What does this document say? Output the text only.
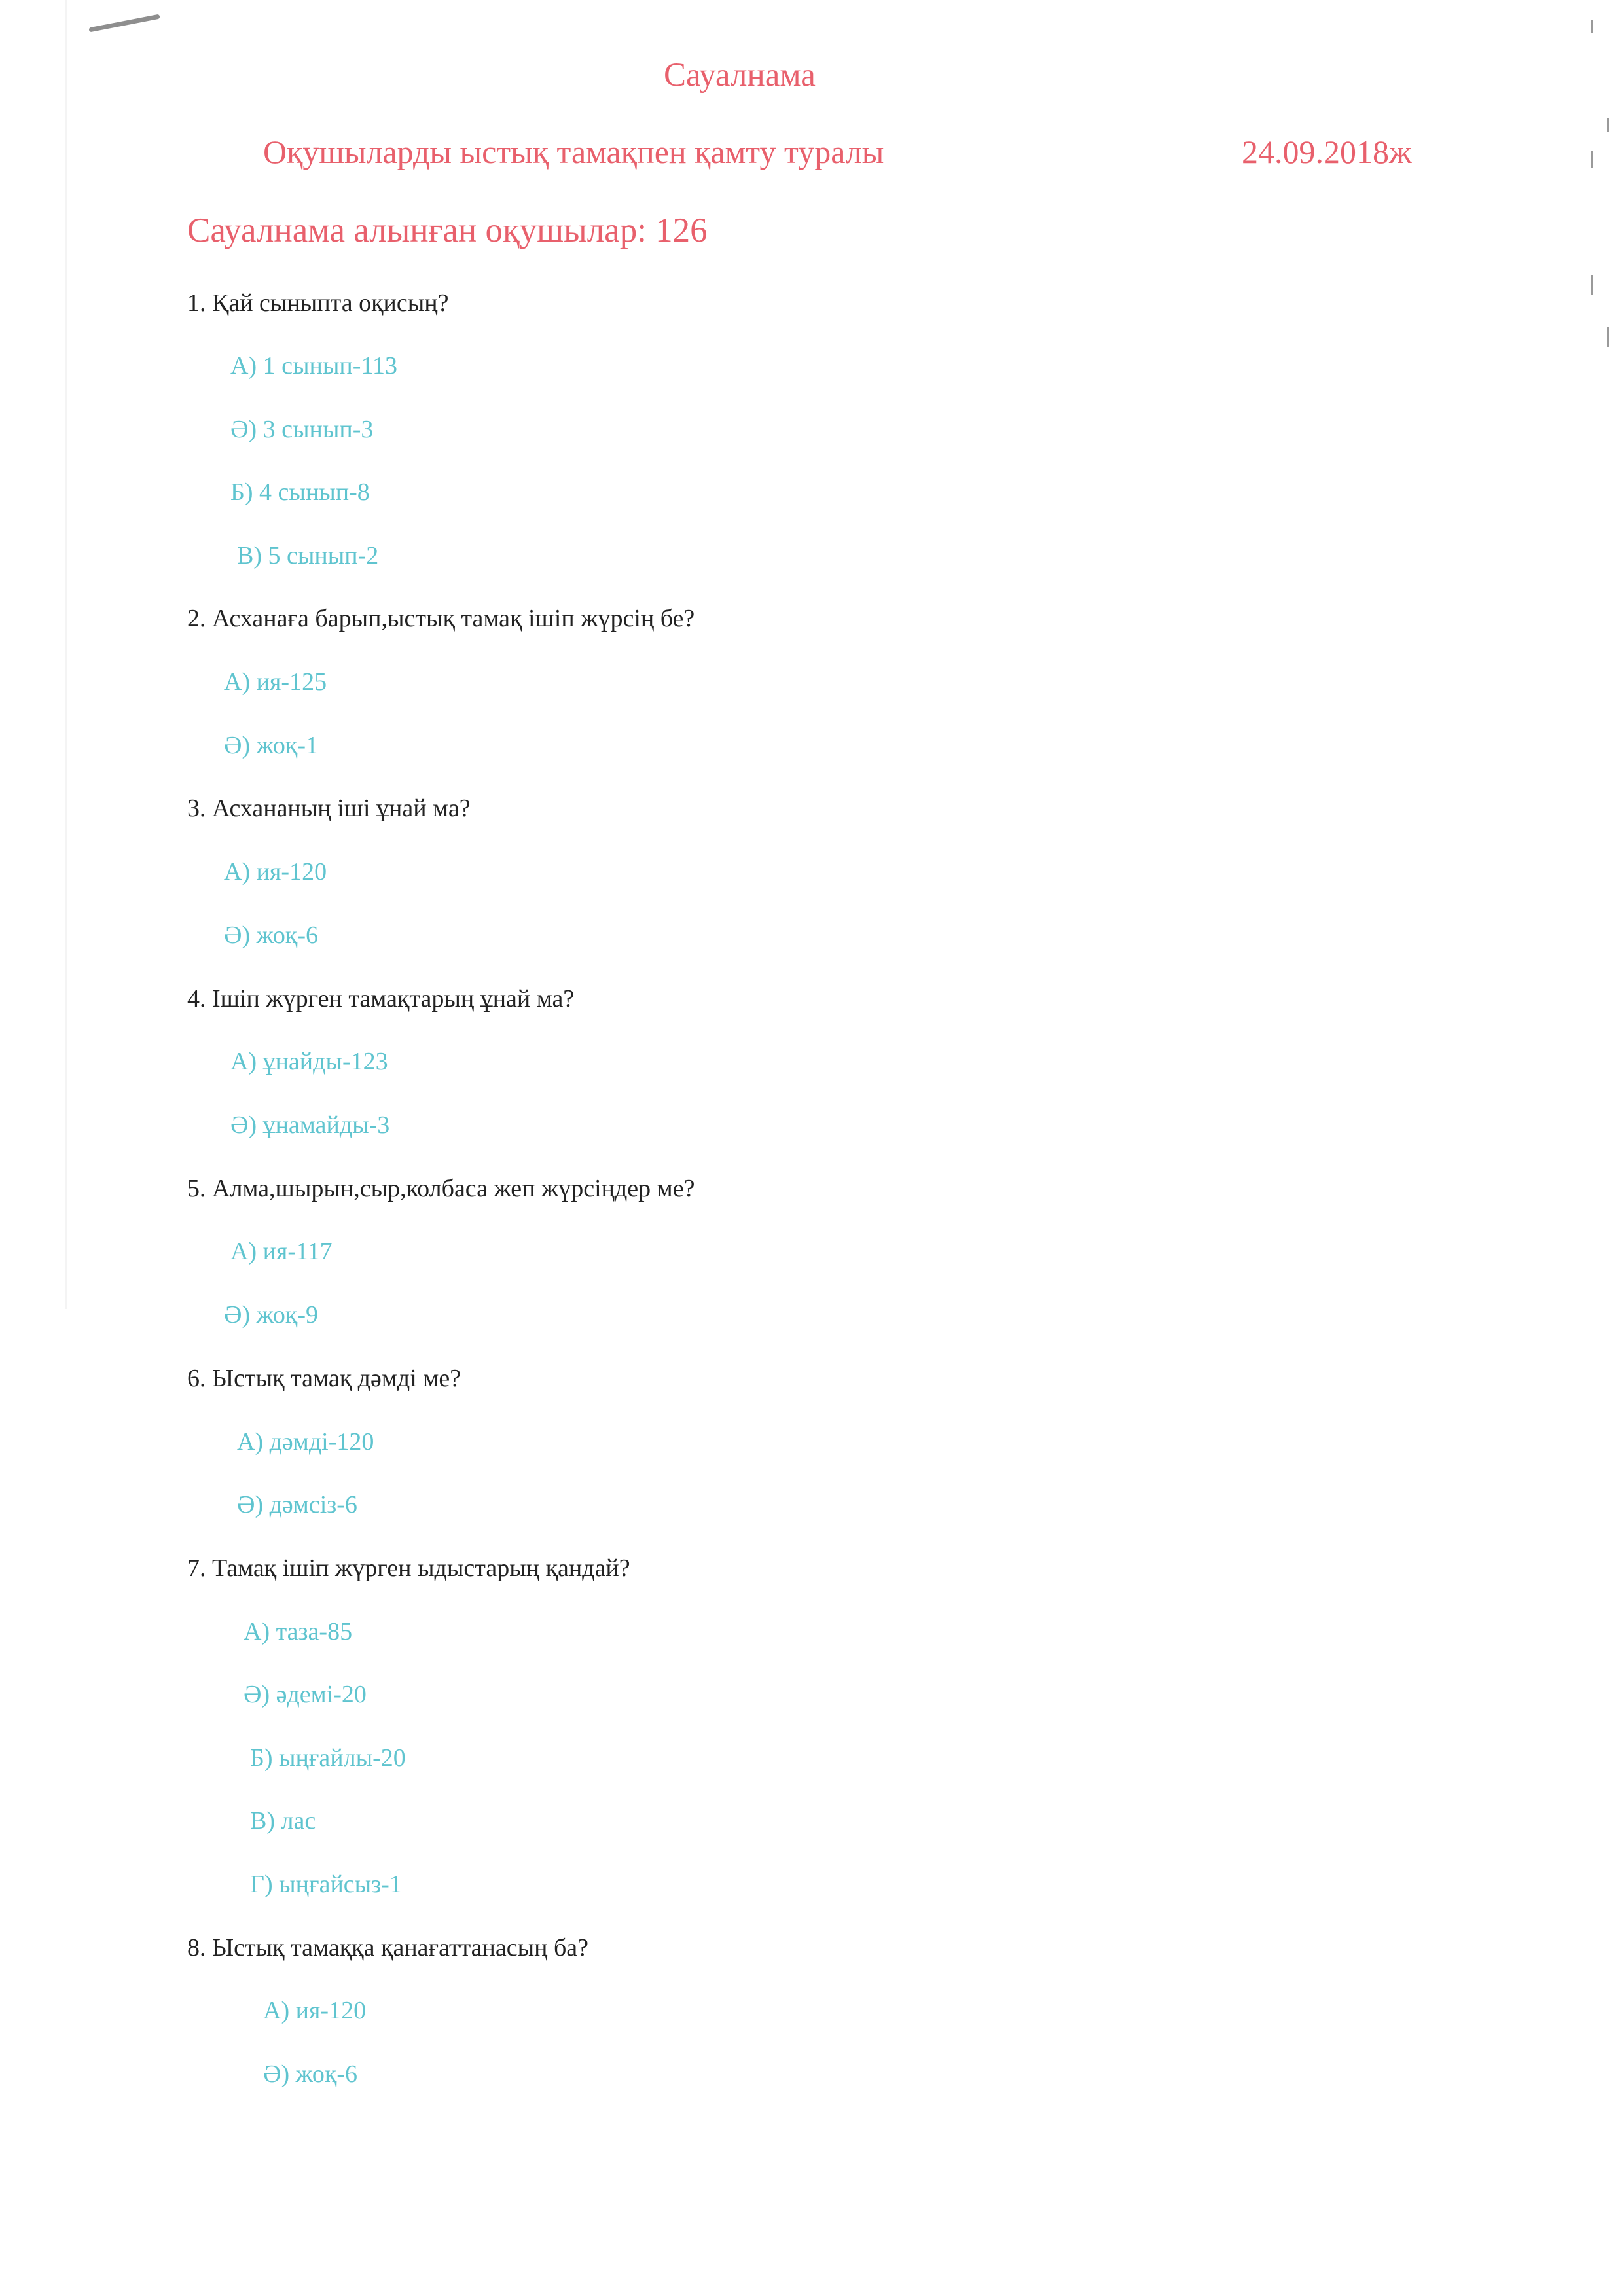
Сауалнама
Оқушыларды ыстық тамақпен қамту туралы	24.09.2018ж
Сауалнама алынған оқушылар: 126
1. Қай сыныпта оқисың?
А) 1 сынып-113
Ә) 3 сынып-3
Б) 4 сынып-8
В) 5 сынып-2
2. Асханаға барып,ыстық тамақ ішіп жүрсің бе?
А) ия-125
Ә) жоқ-1
3. Асхананың іші ұнай ма?
А) ия-120
Ә) жоқ-6
4. Ішіп жүрген тамақтарың ұнай ма?
А) ұнайды-123
Ә) ұнамайды-3
5. Алма,шырын,сыр,колбаса жеп жүрсіңдер ме?
А) ия-117
Ә) жоқ-9
6. Ыстық тамақ дәмді ме?
А) дәмді-120
Ә) дәмсіз-6
7. Тамақ ішіп жүрген ыдыстарың қандай?
А) таза-85
Ә) әдемі-20
Б) ыңғайлы-20
В) лас
Г) ыңғайсыз-1
8. Ыстық тамаққа қанағаттанасың ба?
А) ия-120
Ә) жоқ-6
